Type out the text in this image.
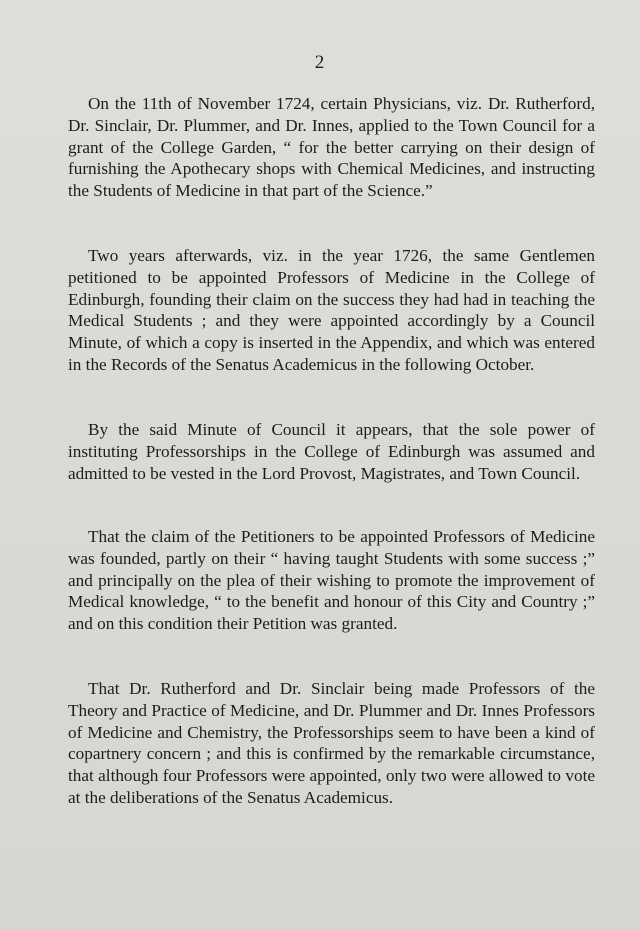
2

On the 11th of November 1724, certain Physicians, viz. Dr. Rutherford, Dr. Sinclair, Dr. Plummer, and Dr. Innes, applied to the Town Council for a grant of the College Garden, “ for the better carrying on their design of furnishing the Apothecary shops with Chemical Medicines, and instructing the Students of Medicine in that part of the Science.”

Two years afterwards, viz. in the year 1726, the same Gentlemen petitioned to be appointed Professors of Medicine in the College of Edinburgh, founding their claim on the success they had had in teaching the Medical Students ; and they were appointed accordingly by a Council Minute, of which a copy is inserted in the Appendix, and which was entered in the Records of the Senatus Academicus in the following October.

By the said Minute of Council it appears, that the sole power of instituting Professorships in the College of Edinburgh was assumed and admitted to be vested in the Lord Provost, Magistrates, and Town Council.

That the claim of the Petitioners to be appointed Professors of Medicine was founded, partly on their “ having taught Students with some success ;” and principally on the plea of their wishing to promote the improvement of Medical knowledge, “ to the benefit and honour of this City and Country ;” and on this condition their Petition was granted.

That Dr. Rutherford and Dr. Sinclair being made Professors of the Theory and Practice of Medicine, and Dr. Plummer and Dr. Innes Professors of Medicine and Chemistry, the Professorships seem to have been a kind of copartnery concern ; and this is confirmed by the remarkable circumstance, that although four Professors were appointed, only two were allowed to vote at the deliberations of the Senatus Academicus.
